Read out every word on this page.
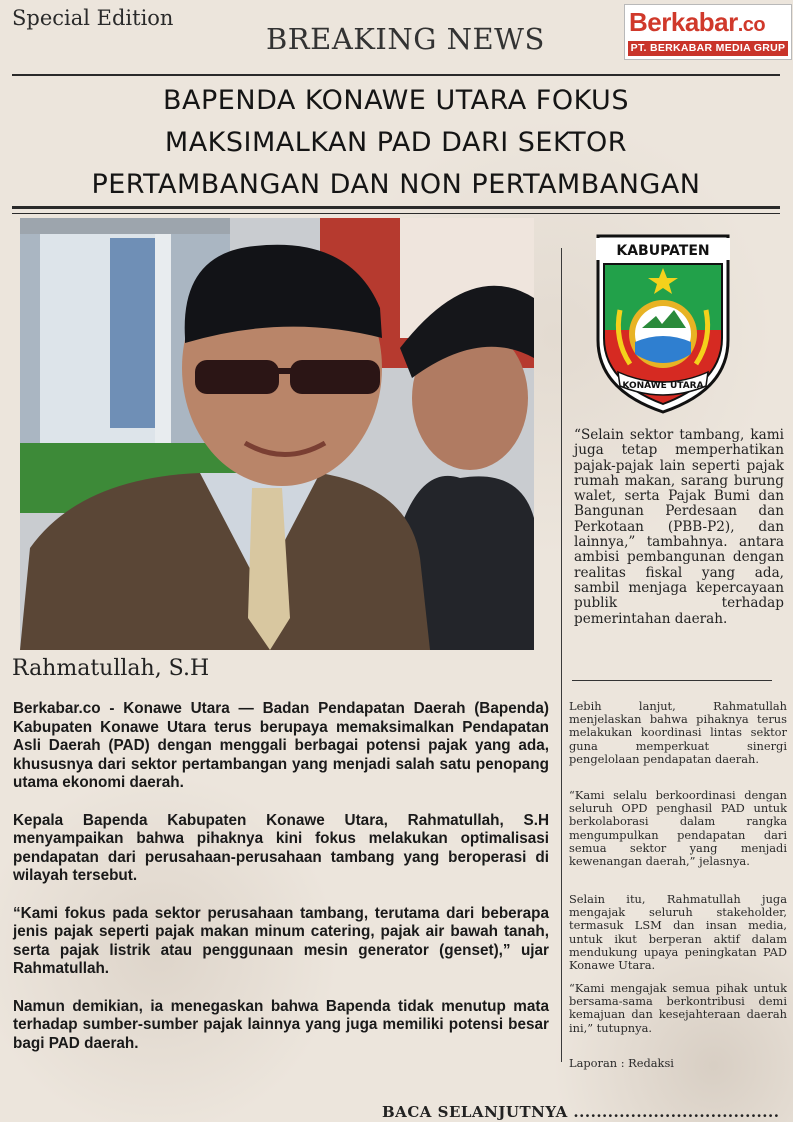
Special Edition
BREAKING NEWS	Berkabar.co
PT. BERKABAR MEDIA GRUP
BAPENDA KONAWE UTARA FOKUS
MAKSIMALKAN PAD DARI SEKTOR
PERTAMBANGAN DAN NON PERTAMBANGAN
Rahmatullah, S.H

Berkabar.co - Konawe Utara — Badan Pendapatan Daerah (Bapenda) Kabupaten Konawe Utara terus berupaya memaksimalkan Pendapatan Asli Daerah (PAD) dengan menggali berbagai potensi pajak yang ada, khususnya dari sektor pertambangan yang menjadi salah satu penopang utama ekonomi daerah.

Kepala Bapenda Kabupaten Konawe Utara, Rahmatullah, S.H menyampaikan bahwa pihaknya kini fokus melakukan optimalisasi pendapatan dari perusahaan-perusahaan tambang yang beroperasi di wilayah tersebut.

“Kami fokus pada sektor perusahaan tambang, terutama dari beberapa jenis pajak seperti pajak makan minum catering, pajak air bawah tanah, serta pajak listrik atau penggunaan mesin generator (genset),” ujar Rahmatullah.

Namun demikian, ia menegaskan bahwa Bapenda tidak menutup mata terhadap sumber-sumber pajak lainnya yang juga memiliki potensi besar bagi PAD daerah.

KABUPATEN
KONAWE UTARA
“Selain sektor tambang, kami juga tetap memperhatikan pajak-pajak lain seperti pajak rumah makan, sarang burung walet, serta Pajak Bumi dan Bangunan Perdesaan dan Perkotaan (PBB-P2), dan lainnya,” tambahnya. antara ambisi pembangunan dengan realitas fiskal yang ada, sambil menjaga kepercayaan publik terhadap pemerintahan daerah.
Lebih lanjut, Rahmatullah menjelaskan bahwa pihaknya terus melakukan koordinasi lintas sektor guna memperkuat sinergi pengelolaan pendapatan daerah.
“Kami selalu berkoordinasi dengan seluruh OPD penghasil PAD untuk berkolaborasi dalam rangka mengumpulkan pendapatan dari semua sektor yang menjadi kewenangan daerah,” jelasnya.
Selain itu, Rahmatullah juga mengajak seluruh stakeholder, termasuk LSM dan insan media, untuk ikut berperan aktif dalam mendukung upaya peningkatan PAD Konawe Utara.
“Kami mengajak semua pihak untuk bersama-sama berkontribusi demi kemajuan dan kesejahteraan daerah ini,” tutupnya.
Laporan : Redaksi
BACA SELANJUTNYA ....................................
